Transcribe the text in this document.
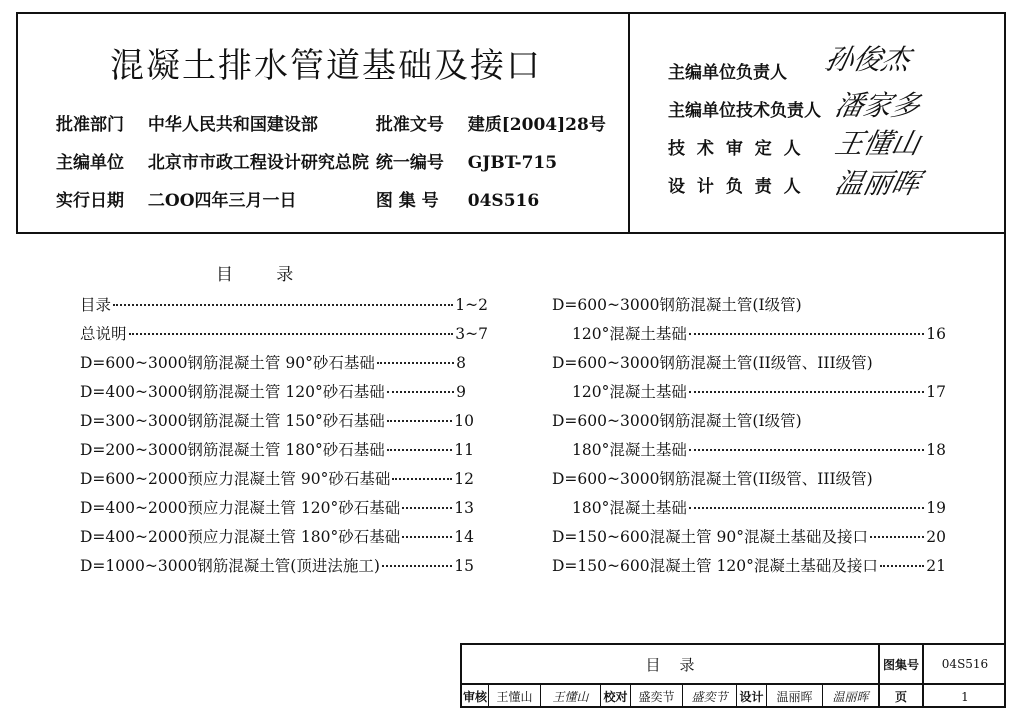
混凝土排水管道基础及接口
批准部门 中华人民共和国建设部	批准文号 建质[2004]28号
主编单位 北京市市政工程设计研究总院 统一编号 GJBT-715
实行日期 二OO四年三月一日	图 集 号 04S516
主编单位负责人 孙俊杰
主编单位技术负责人 潘家多
技 术 审 定 人 王懂山
设 计 负 责 人 温丽晖
目        录
目录	1~2
总说明	3~7
D=600~3000钢筋混凝土管 90°砂石基础	8
D=400~3000钢筋混凝土管 120°砂石基础	9
D=300~3000钢筋混凝土管 150°砂石基础	10
D=200~3000钢筋混凝土管 180°砂石基础	11
D=600~2000预应力混凝土管 90°砂石基础	12
D=400~2000预应力混凝土管 120°砂石基础	13
D=400~2000预应力混凝土管 180°砂石基础	14
D=1000~3000钢筋混凝土管(顶进法施工)	15
D=600~3000钢筋混凝土管(I级管)
120°混凝土基础	16
D=600~3000钢筋混凝土管(II级管、III级管)
120°混凝土基础	17
D=600~3000钢筋混凝土管(I级管)
180°混凝土基础	18
D=600~3000钢筋混凝土管(II级管、III级管)
180°混凝土基础	19
D=150~600混凝土管 90°混凝土基础及接口	20
D=150~600混凝土管 120°混凝土基础及接口	21
目    录	图集号	04S516
审核 王懂山	王懂山	校对 盛奕节	盛奕节 设计	温丽晖	温丽晖	页	1
